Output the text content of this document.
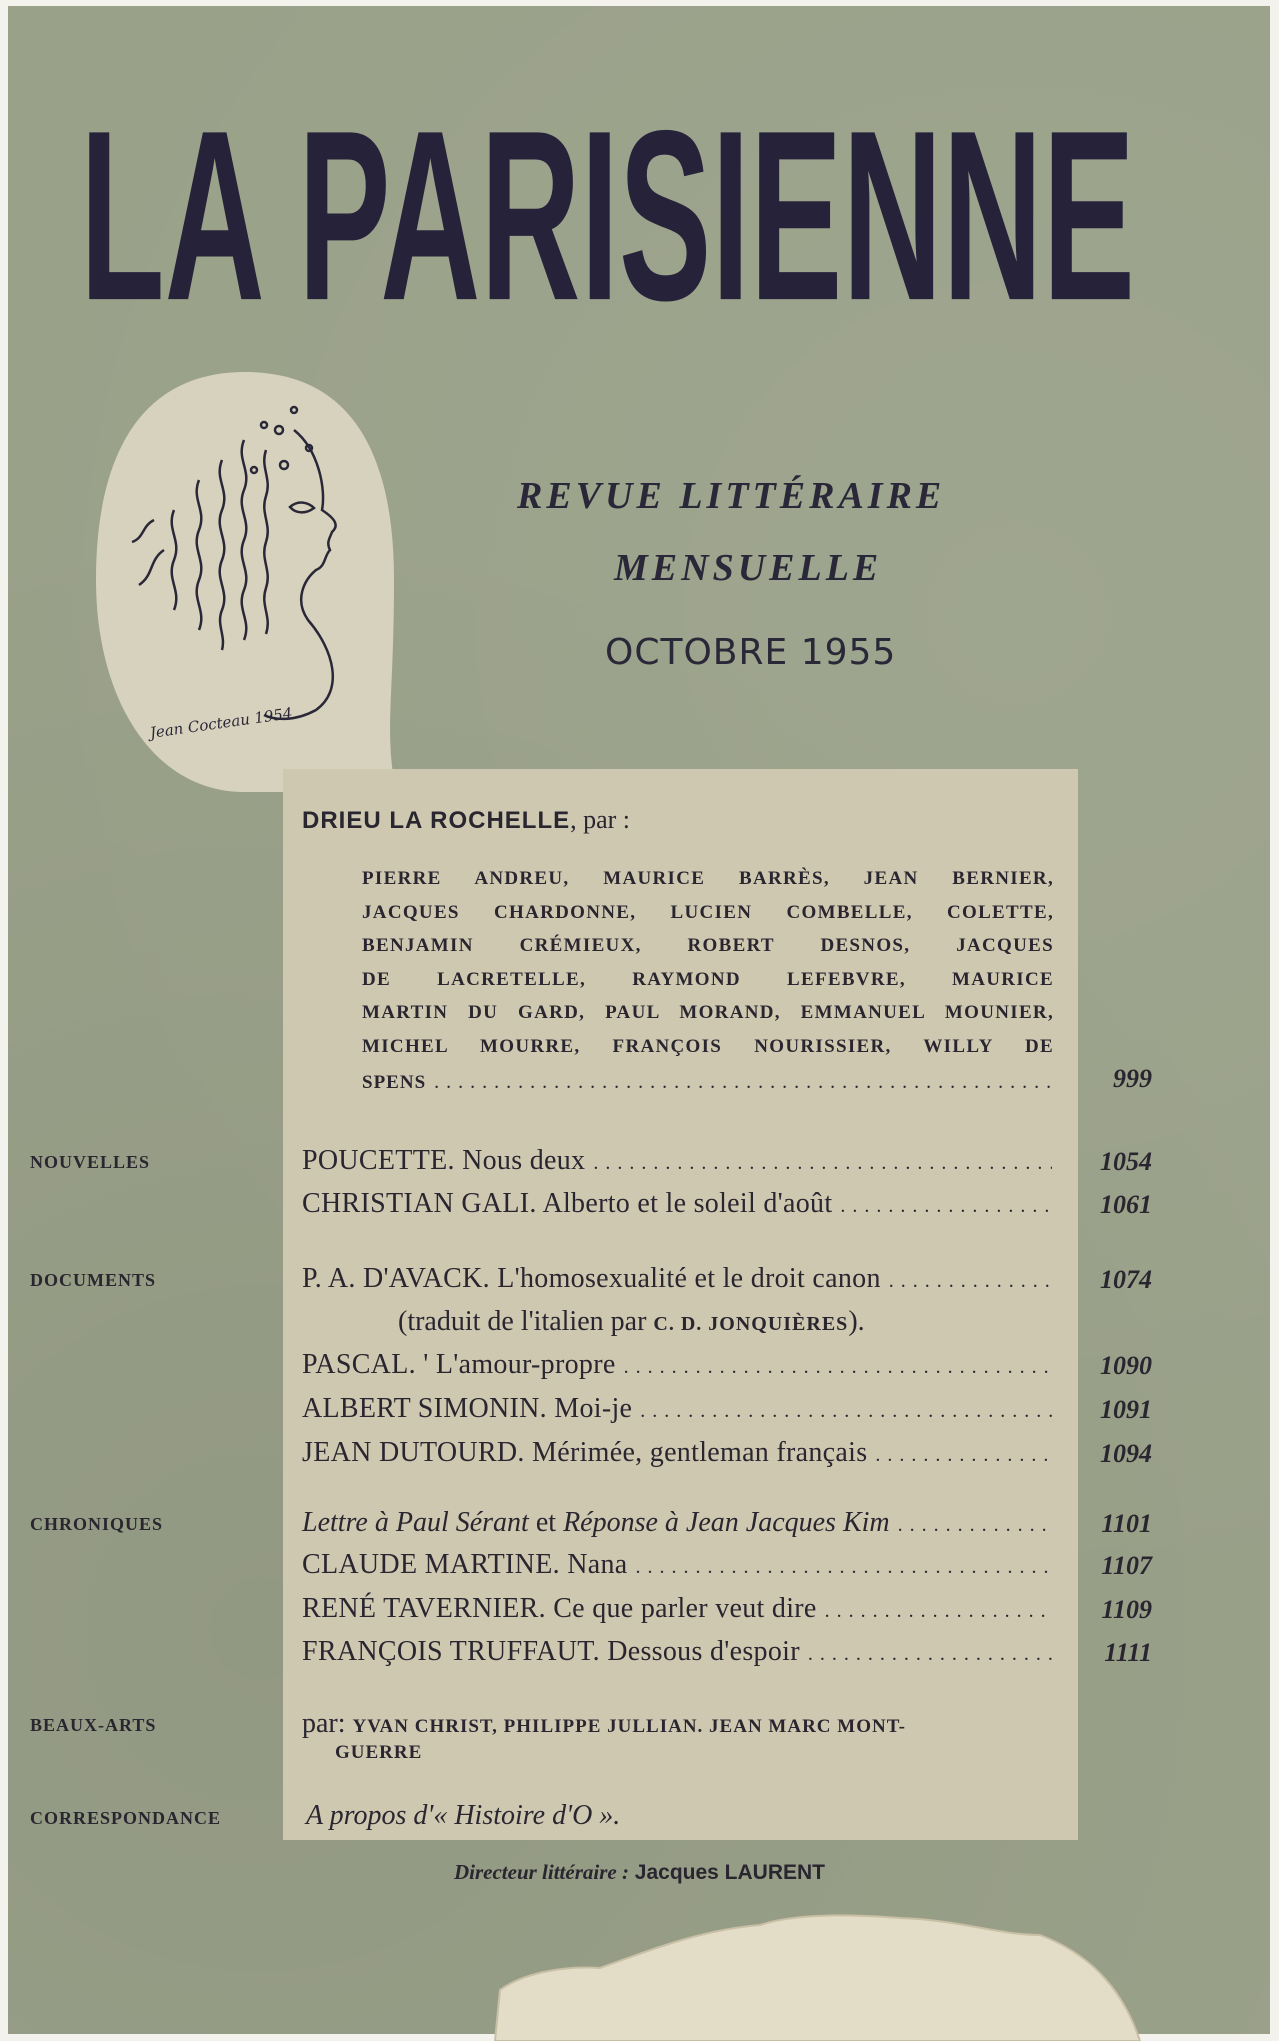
LA PARISIENNE
Jean Cocteau 1954
REVUE LITTÉRAIRE
MENSUELLE
OCTOBRE 1955
DRIEU LA ROCHELLE , par :
PIERRE ANDREU, MAURICE BARRÈS, JEAN BERNIER,
JACQUES CHARDONNE, LUCIEN COMBELLE, COLETTE,
BENJAMIN CRÉMIEUX, ROBERT DESNOS, JACQUES
DE LACRETELLE, RAYMOND LEFEBVRE, MAURICE
MARTIN DU GARD, PAUL MORAND, EMMANUEL MOUNIER,
MICHEL MOURRE, FRANÇOIS NOURISSIER, WILLY DE
SPENS . . .	999
NOUVELLES	POUCETTE. Nous deux . . .	1054
CHRISTIAN GALI. Alberto et le soleil d'août . . .	1061
DOCUMENTS	P. A. D'AVACK. L'homosexualité et le droit canon . . .	1074
(traduit de l'italien par
C. D. JONQUIÈRES ).
PASCAL. ' L'amour-propre . . .	1090
ALBERT SIMONIN. Moi-je . . .	1091
JEAN DUTOURD. Mérimée, gentleman français . . .	1094
CHRONIQUES	Lettre à Paul Sérant et Réponse à Jean Jacques Kim . . .	1101
CLAUDE MARTINE. Nana . . .	1107
RENÉ TAVERNIER. Ce que parler veut dire . . .	1109
FRANÇOIS TRUFFAUT. Dessous d'espoir . . .	1111
BEAUX-ARTS	par:
YVAN CHRIST, PHILIPPE JULLIAN. JEAN MARC MONT-
GUERRE
CORRESPONDANCE	A propos d'« Histoire d'O ».
Directeur littéraire : Jacques LAURENT
